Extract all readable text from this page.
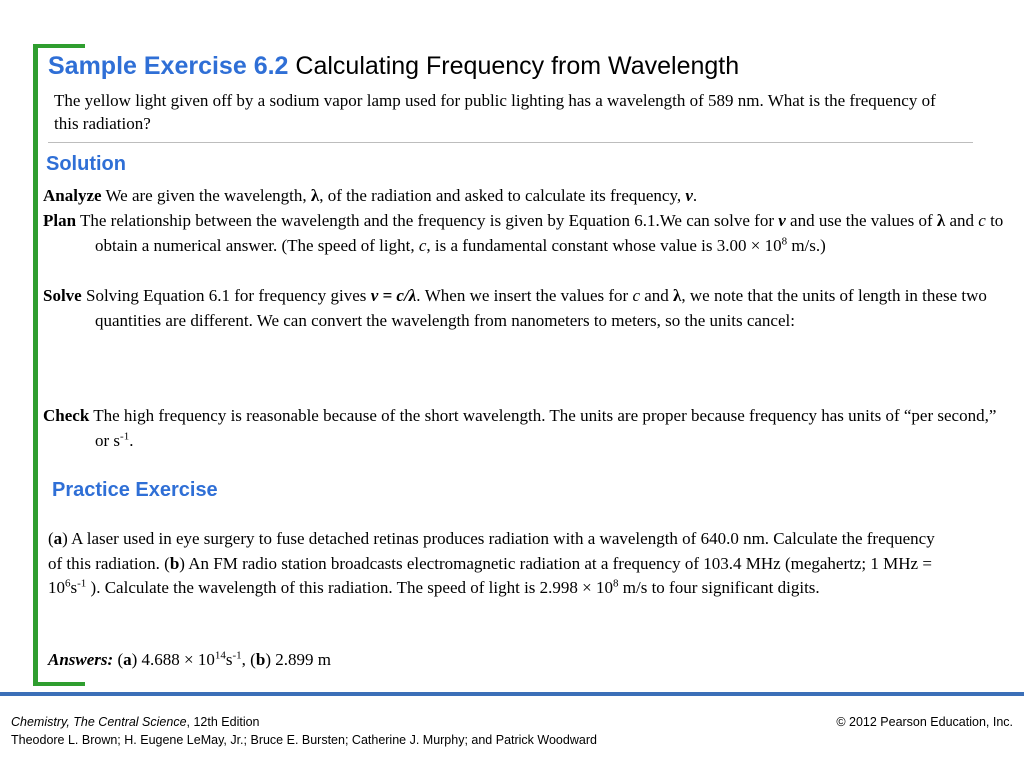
Sample Exercise 6.2 Calculating Frequency from Wavelength
The yellow light given off by a sodium vapor lamp used for public lighting has a wavelength of 589 nm. What is the frequency of this radiation?
Solution
Analyze We are given the wavelength, λ, of the radiation and asked to calculate its frequency, ν.
Plan The relationship between the wavelength and the frequency is given by Equation 6.1.We can solve for ν and use the values of λ and c to obtain a numerical answer. (The speed of light, c, is a fundamental constant whose value is $3.00 \times 10^8$ m/s.)
Solve Solving Equation 6.1 for frequency gives ν = c/λ. When we insert the values for c and λ, we note that the units of length in these two quantities are different. We can convert the wavelength from nanometers to meters, so the units cancel:
Check The high frequency is reasonable because of the short wavelength. The units are proper because frequency has units of “per second,” or $s^{-1}$.
Practice Exercise
(a) A laser used in eye surgery to fuse detached retinas produces radiation with a wavelength of 640.0 nm. Calculate the frequency of this radiation. (b) An FM radio station broadcasts electromagnetic radiation at a frequency of 103.4 MHz (megahertz; 1 MHz = $10^6s^{-1}$ ). Calculate the wavelength of this radiation. The speed of light is $2.998 \times 10^8$ m/s to four significant digits.
Answers: (a) $4.688 \times 10^{14}s^{-1}$, (b) 2.899 m
Chemistry, The Central Science, 12th Edition
Theodore L. Brown; H. Eugene LeMay, Jr.; Bruce E. Bursten; Catherine J. Murphy; and Patrick Woodward
© 2012 Pearson Education, Inc.
